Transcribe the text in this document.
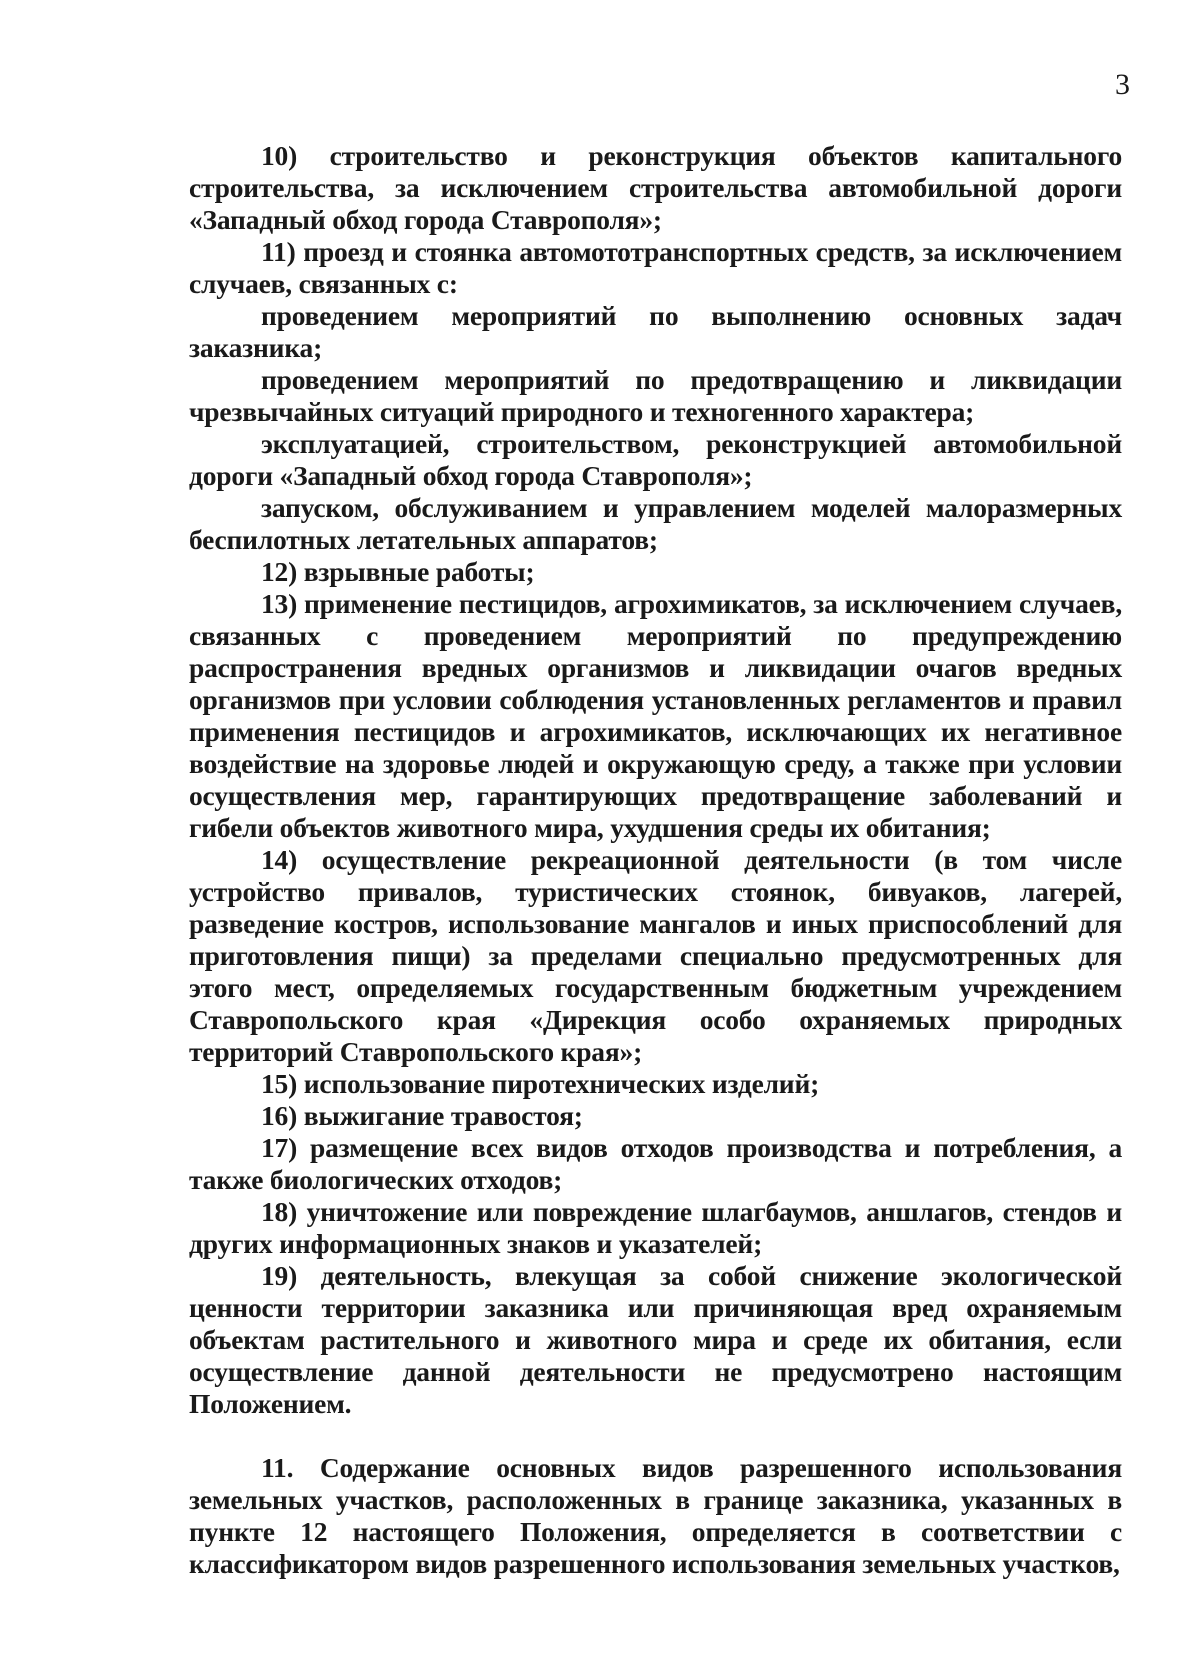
3

10) строительство и реконструкция объектов капитального строительства, за исключением строительства автомобильной дороги «Западный обход города Ставрополя»;

11) проезд и стоянка автомототранспортных средств, за исключением случаев, связанных с:

проведением мероприятий по выполнению основных задач заказника;

проведением мероприятий по предотвращению и ликвидации чрезвычайных ситуаций природного и техногенного характера;

эксплуатацией, строительством, реконструкцией автомобильной дороги «Западный обход города Ставрополя»;

запуском, обслуживанием и управлением моделей малоразмерных беспилотных летательных аппаратов;

12) взрывные работы;

13) применение пестицидов, агрохимикатов, за исключением случаев, связанных с проведением мероприятий по предупреждению распространения вредных организмов и ликвидации очагов вредных организмов при условии соблюдения установленных регламентов и правил применения пестицидов и агрохимикатов, исключающих их негативное воздействие на здоровье людей и окружающую среду, а также при условии осуществления мер, гарантирующих предотвращение заболеваний и гибели объектов животного мира, ухудшения среды их обитания;

14) осуществление рекреационной деятельности (в том числе устройство привалов, туристических стоянок, бивуаков, лагерей, разведение костров, использование мангалов и иных приспособлений для приготовления пищи) за пределами специально предусмотренных для этого мест, определяемых государственным бюджетным учреждением Ставропольского края «Дирекция особо охраняемых природных территорий Ставропольского края»;

15) использование пиротехнических изделий;

16) выжигание травостоя;

17) размещение всех видов отходов производства и потребления, а также биологических отходов;

18) уничтожение или повреждение шлагбаумов, аншлагов, стендов и других информационных знаков и указателей;

19) деятельность, влекущая за собой снижение экологической ценности территории заказника или причиняющая вред охраняемым объектам растительного и животного мира и среде их обитания, если осуществление данной деятельности не предусмотрено настоящим Положением.

11. Содержание основных видов разрешенного использования земельных участков, расположенных в границе заказника, указанных в пункте 12 настоящего Положения, определяется в соответствии с классификатором видов разрешенного использования земельных участков,
